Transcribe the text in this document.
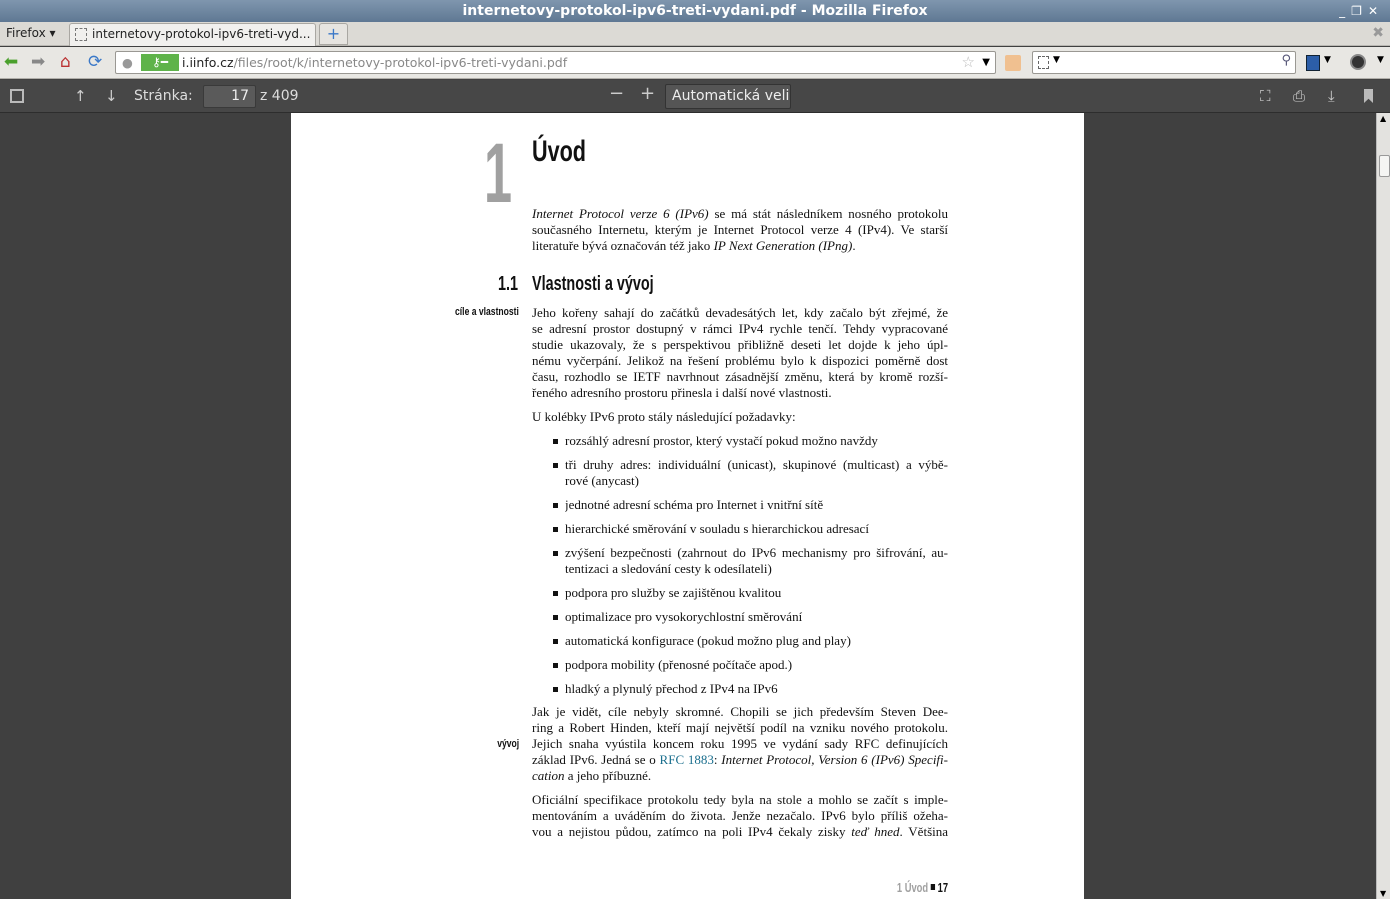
internetovy-protokol-ipv6-treti-vydani.pdf - Mozilla Firefox	_❐✕
Firefox ▾	internetovy-protokol-ipv6-treti-vyd...	+	✖
⬅ ➡ ⌂ ⟳ ●	⚷━	i.iinfo.cz/files/root/k/internetovy-protokol-ipv6-treti-vydani.pdf	☆ ▼	▼	⚲	▼	▼
↑ ↓ Stránka:	17 z 409	− +	Automatická veli	⛶ ⎙ ⤓
1 Úvod
Internet Protocol verze 6 (IPv6) se má stát následníkem nosného protokolu
současného Internetu, kterým je Internet Protocol verze 4 (IPv4). Ve starší
literatuře bývá označován též jako IP Next Generation (IPng).
1.1 Vlastnosti a vývoj
cíle a vlastnosti Jeho kořeny sahají do začátků devadesátých let, kdy začalo být zřejmé, že
se adresní prostor dostupný v rámci IPv4 rychle tenčí. Tehdy vypracované
studie ukazovaly, že s perspektivou přibližně deseti let dojde k jeho úpl-
nému vyčerpání. Jelikož na řešení problému bylo k dispozici poměrně dost
času, rozhodlo se IETF navrhnout zásadnější změnu, která by kromě rozší-
řeného adresního prostoru přinesla i další nové vlastnosti.
U kolébky IPv6 proto stály následující požadavky:
rozsáhlý adresní prostor, který vystačí pokud možno navždy
tři druhy adres: individuální (unicast), skupinové (multicast) a výbě-
rové (anycast)
jednotné adresní schéma pro Internet i vnitřní sítě
hierarchické směrování v souladu s hierarchickou adresací
zvýšení bezpečnosti (zahrnout do IPv6 mechanismy pro šifrování, au-
tentizaci a sledování cesty k odesílateli)
podpora pro služby se zajištěnou kvalitou
optimalizace pro vysokorychlostní směrování
automatická konfigurace (pokud možno plug and play)
podpora mobility (přenosné počítače apod.)
hladký a plynulý přechod z IPv4 na IPv6
vývoj
Jak je vidět, cíle nebyly skromné. Chopili se jich především Steven Dee-
ring a Robert Hinden, kteří mají největší podíl na vzniku nového protokolu.
Jejich snaha vyústila koncem roku 1995 ve vydání sady RFC definujících
základ IPv6. Jedná se o RFC 1883: Internet Protocol, Version 6 (IPv6) Specifi-
cation a jeho příbuzné.
Oficiální specifikace protokolu tedy byla na stole a mohlo se začít s imple-
mentováním a uváděním do života. Jenže nezačalo. IPv6 bylo příliš ožeha-
vou a nejistou půdou, zatímco na poli IPv4 čekaly zisky teď hned. Většina
1 Úvod 17
▲
▼
